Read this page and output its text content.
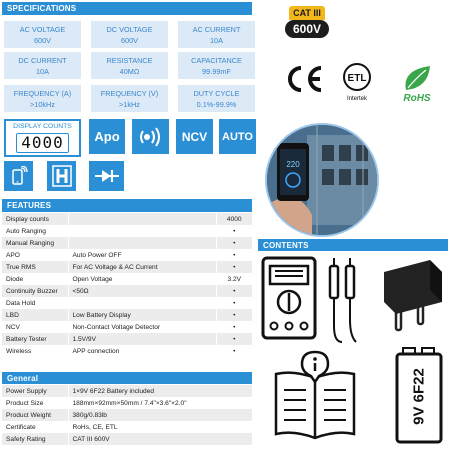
SPECIFICATIONS
AC VOLTAGE
600V
DC VOLTAGE
600V
AC CURRENT
10A
DC CURRENT
10A
RESISTANCE
40MΩ
CAPACITANCE
99.99mF
FREQUENCY (A)
>10kHz
FREQUENCY (V)
>1kHz
DUTY CYCLE
0.1%-99.9%
DISPLAY COUNTS
4000	Apo	NCV AUTO
CAT III
600V
ETL
Intertek	RoHS
220
FEATURES
Display counts		4000
Auto Ranging		•
Manual Ranging		•
APO	Auto Power OFF	•
True RMS	For AC Voltage & AC Current	•
Diode	Open Voltage	3.2V
Continuity Buzzer	<50Ω	•
Data Hold		•
LBD	Low Battery Display	•
NCV	Non-Contact Voltage Detector	•
Battery Tester	1.5V/9V	•
Wireless	APP connection	•
General
Power Supply	1×9V 6F22 Battery included
Product Size	188mm×92mm×50mm / 7.4"×3.6"×2.0"
Product Weight	380g/0.83lb
Certificate	RoHs, CE, ETL
Safety Rating	CAT III 600V
CONTENTS
9V 6F22
